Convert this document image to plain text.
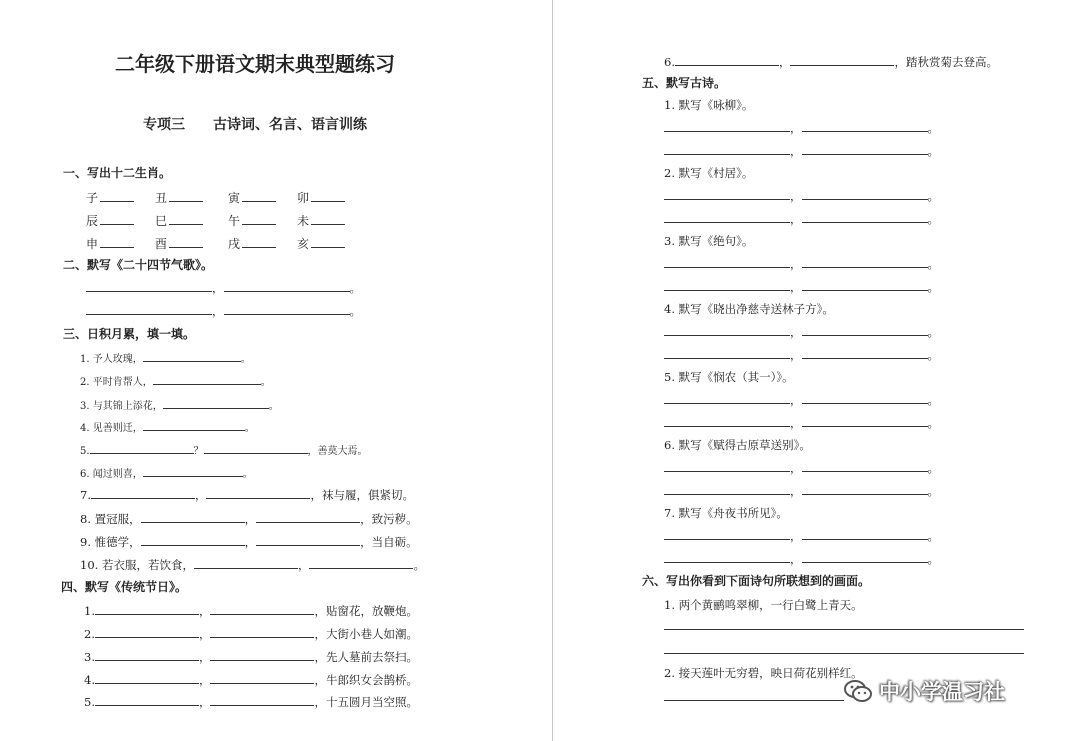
二年级下册语文期末典型题练习
专项三　　古诗词、名言、语言训练
一、写出十二生肖。
子	丑	寅	卯
辰	巳	午	未
申	酉	戌	亥
二、默写《二十四节气歌》。
，	。
，	。
三、日积月累，填一填。
1. 予人玫瑰，	。
2. 平时肯帮人，	。
3. 与其锦上添花，	。
4. 见善则迁，	。
5.	？	，善莫大焉。
6. 闻过则喜，	。
7.	，	，袜与履，俱紧切。
8. 置冠服，	，	，致污秽。
9. 惟德学，	，	，当自砺。
10. 若衣服，若饮食，	，	。
四、默写《传统节日》。
1.	，	，贴窗花，放鞭炮。
2.	，	，大街小巷人如潮。
3.	，	，先人墓前去祭扫。
4.	，	，牛郎织女会鹊桥。
5.	，	，十五圆月当空照。
6.	，	，踏秋赏菊去登高。
五、默写古诗。
1. 默写《咏柳》。
，	。
，	。
2. 默写《村居》。
，	。
，	。
3. 默写《绝句》。
，	。
，	。
4. 默写《晓出净慈寺送林子方》。
，	。
，	。
5. 默写《悯农（其一）》。
，	。
，	。
6. 默写《赋得古原草送别》。
，	。
，	。
7. 默写《舟夜书所见》。
，	。
，	。
六、写出你看到下面诗句所联想到的画面。
1. 两个黄鹂鸣翠柳，一行白鹭上青天。
2. 接天莲叶无穷碧，映日荷花别样红。
中小学温习社
